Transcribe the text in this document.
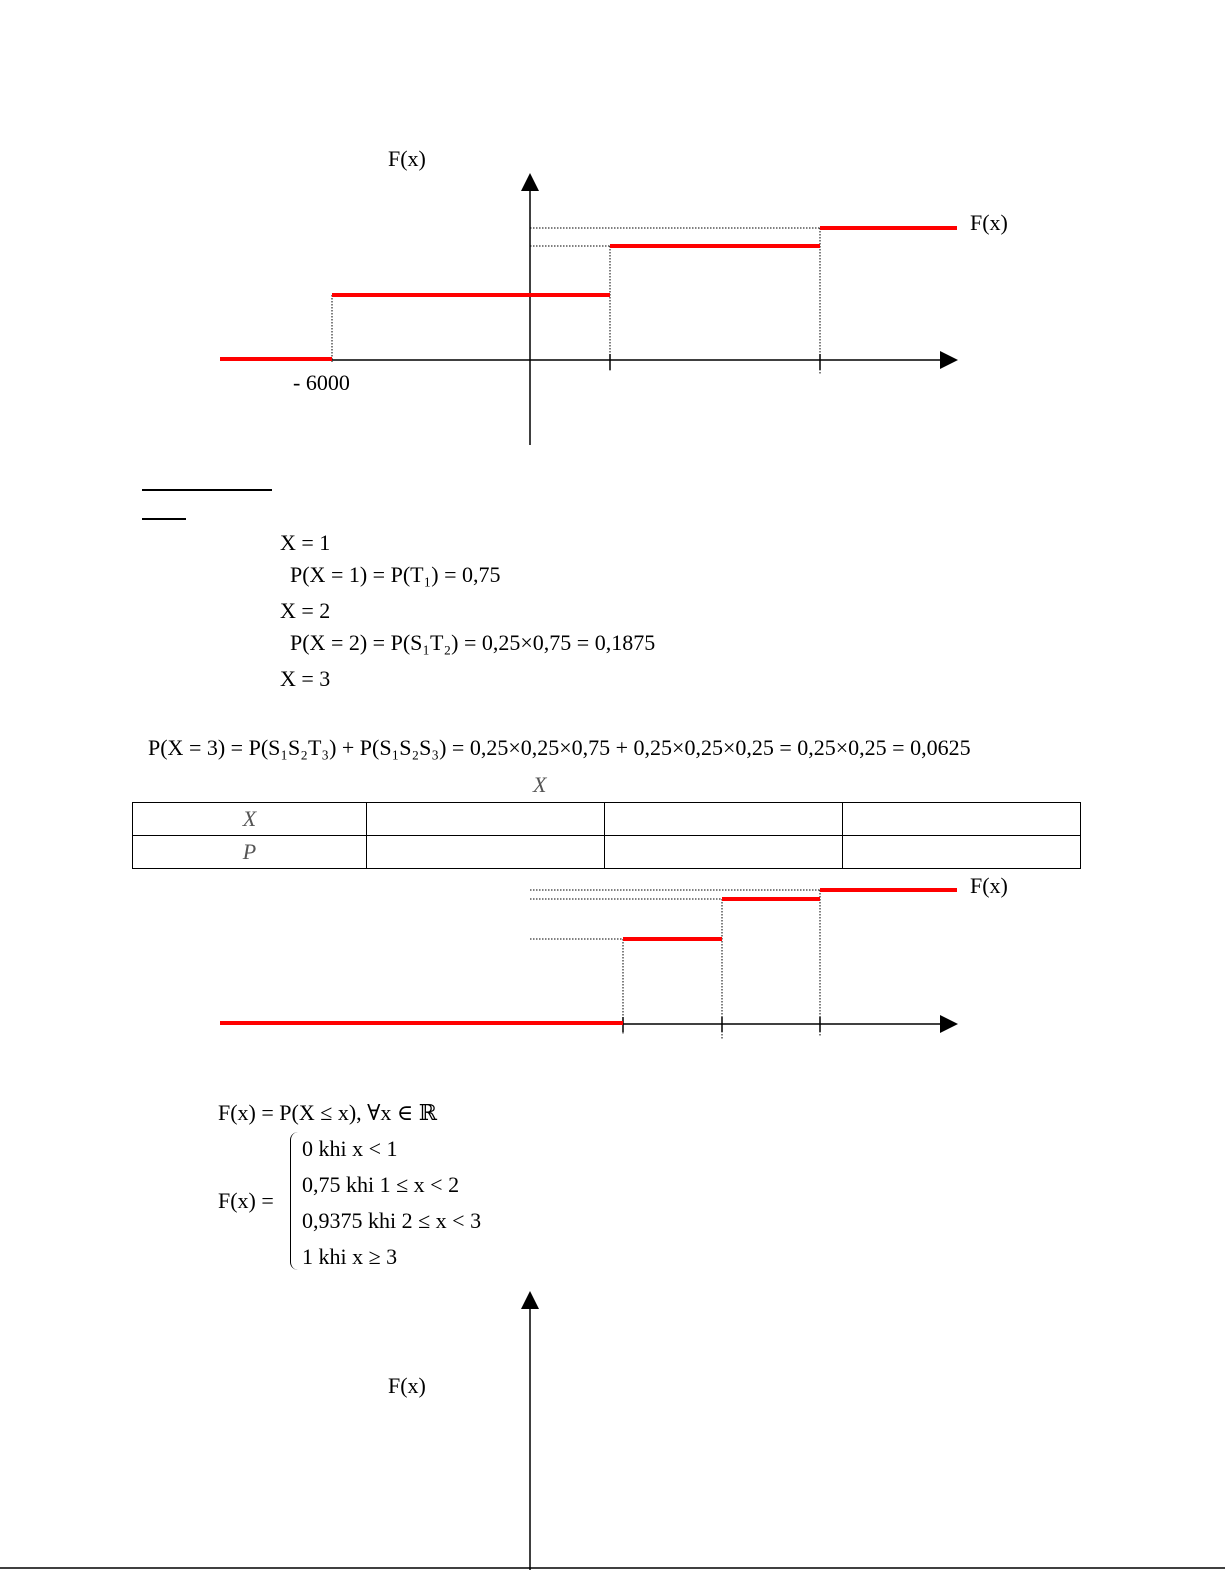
F(x)
F(x)
- 6000
X = 1
P(X = 1) = P(T₁) = 0,75
X = 2
P(X = 2) = P(S₁T₂) = 0,25×0,75 = 0,1875
X = 3
P(X = 3) = P(S₁S₂T₃) + P(S₁S₂S₃) = 0,25×0,25×0,75 + 0,25×0,25×0,25 = 0,25×0,25 = 0,0625
X
X			
P			
F(x)
F(x) = P(X ≤ x), ∀x ∈ ℝ
F(x) =
0 khi x < 1
0,75 khi 1 ≤ x < 2
0,9375 khi 2 ≤ x < 3
1 khi x ≥ 3
F(x)
